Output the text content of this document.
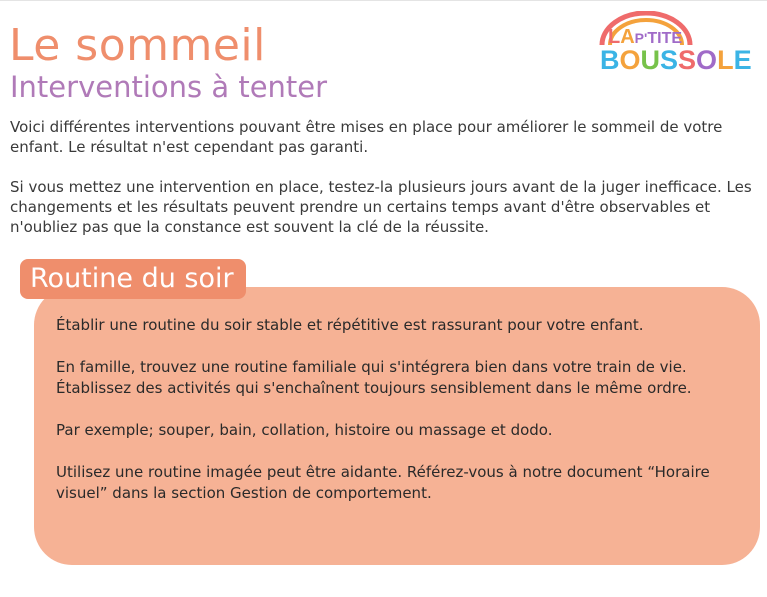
Le sommeil
Interventions à tenter
LAP'TITE
BOUSSOLE

Voici différentes interventions pouvant être mises en place pour améliorer le sommeil de votre enfant. Le résultat n'est cependant pas garanti.

Si vous mettez une intervention en place, testez-la plusieurs jours avant de la juger inefficace. Les changements et les résultats peuvent prendre un certains temps avant d'être observables et n'oubliez pas que la constance est souvent la clé de la réussite.

Routine du soir

Établir une routine du soir stable et répétitive est rassurant pour votre enfant.

En famille, trouvez une routine familiale qui s'intégrera bien dans votre train de vie. Établissez des activités qui s'enchaînent toujours sensiblement dans le même ordre.

Par exemple; souper, bain, collation, histoire ou massage et dodo.

Utilisez une routine imagée peut être aidante. Référez-vous à notre document “Horaire visuel” dans la section Gestion de comportement.
